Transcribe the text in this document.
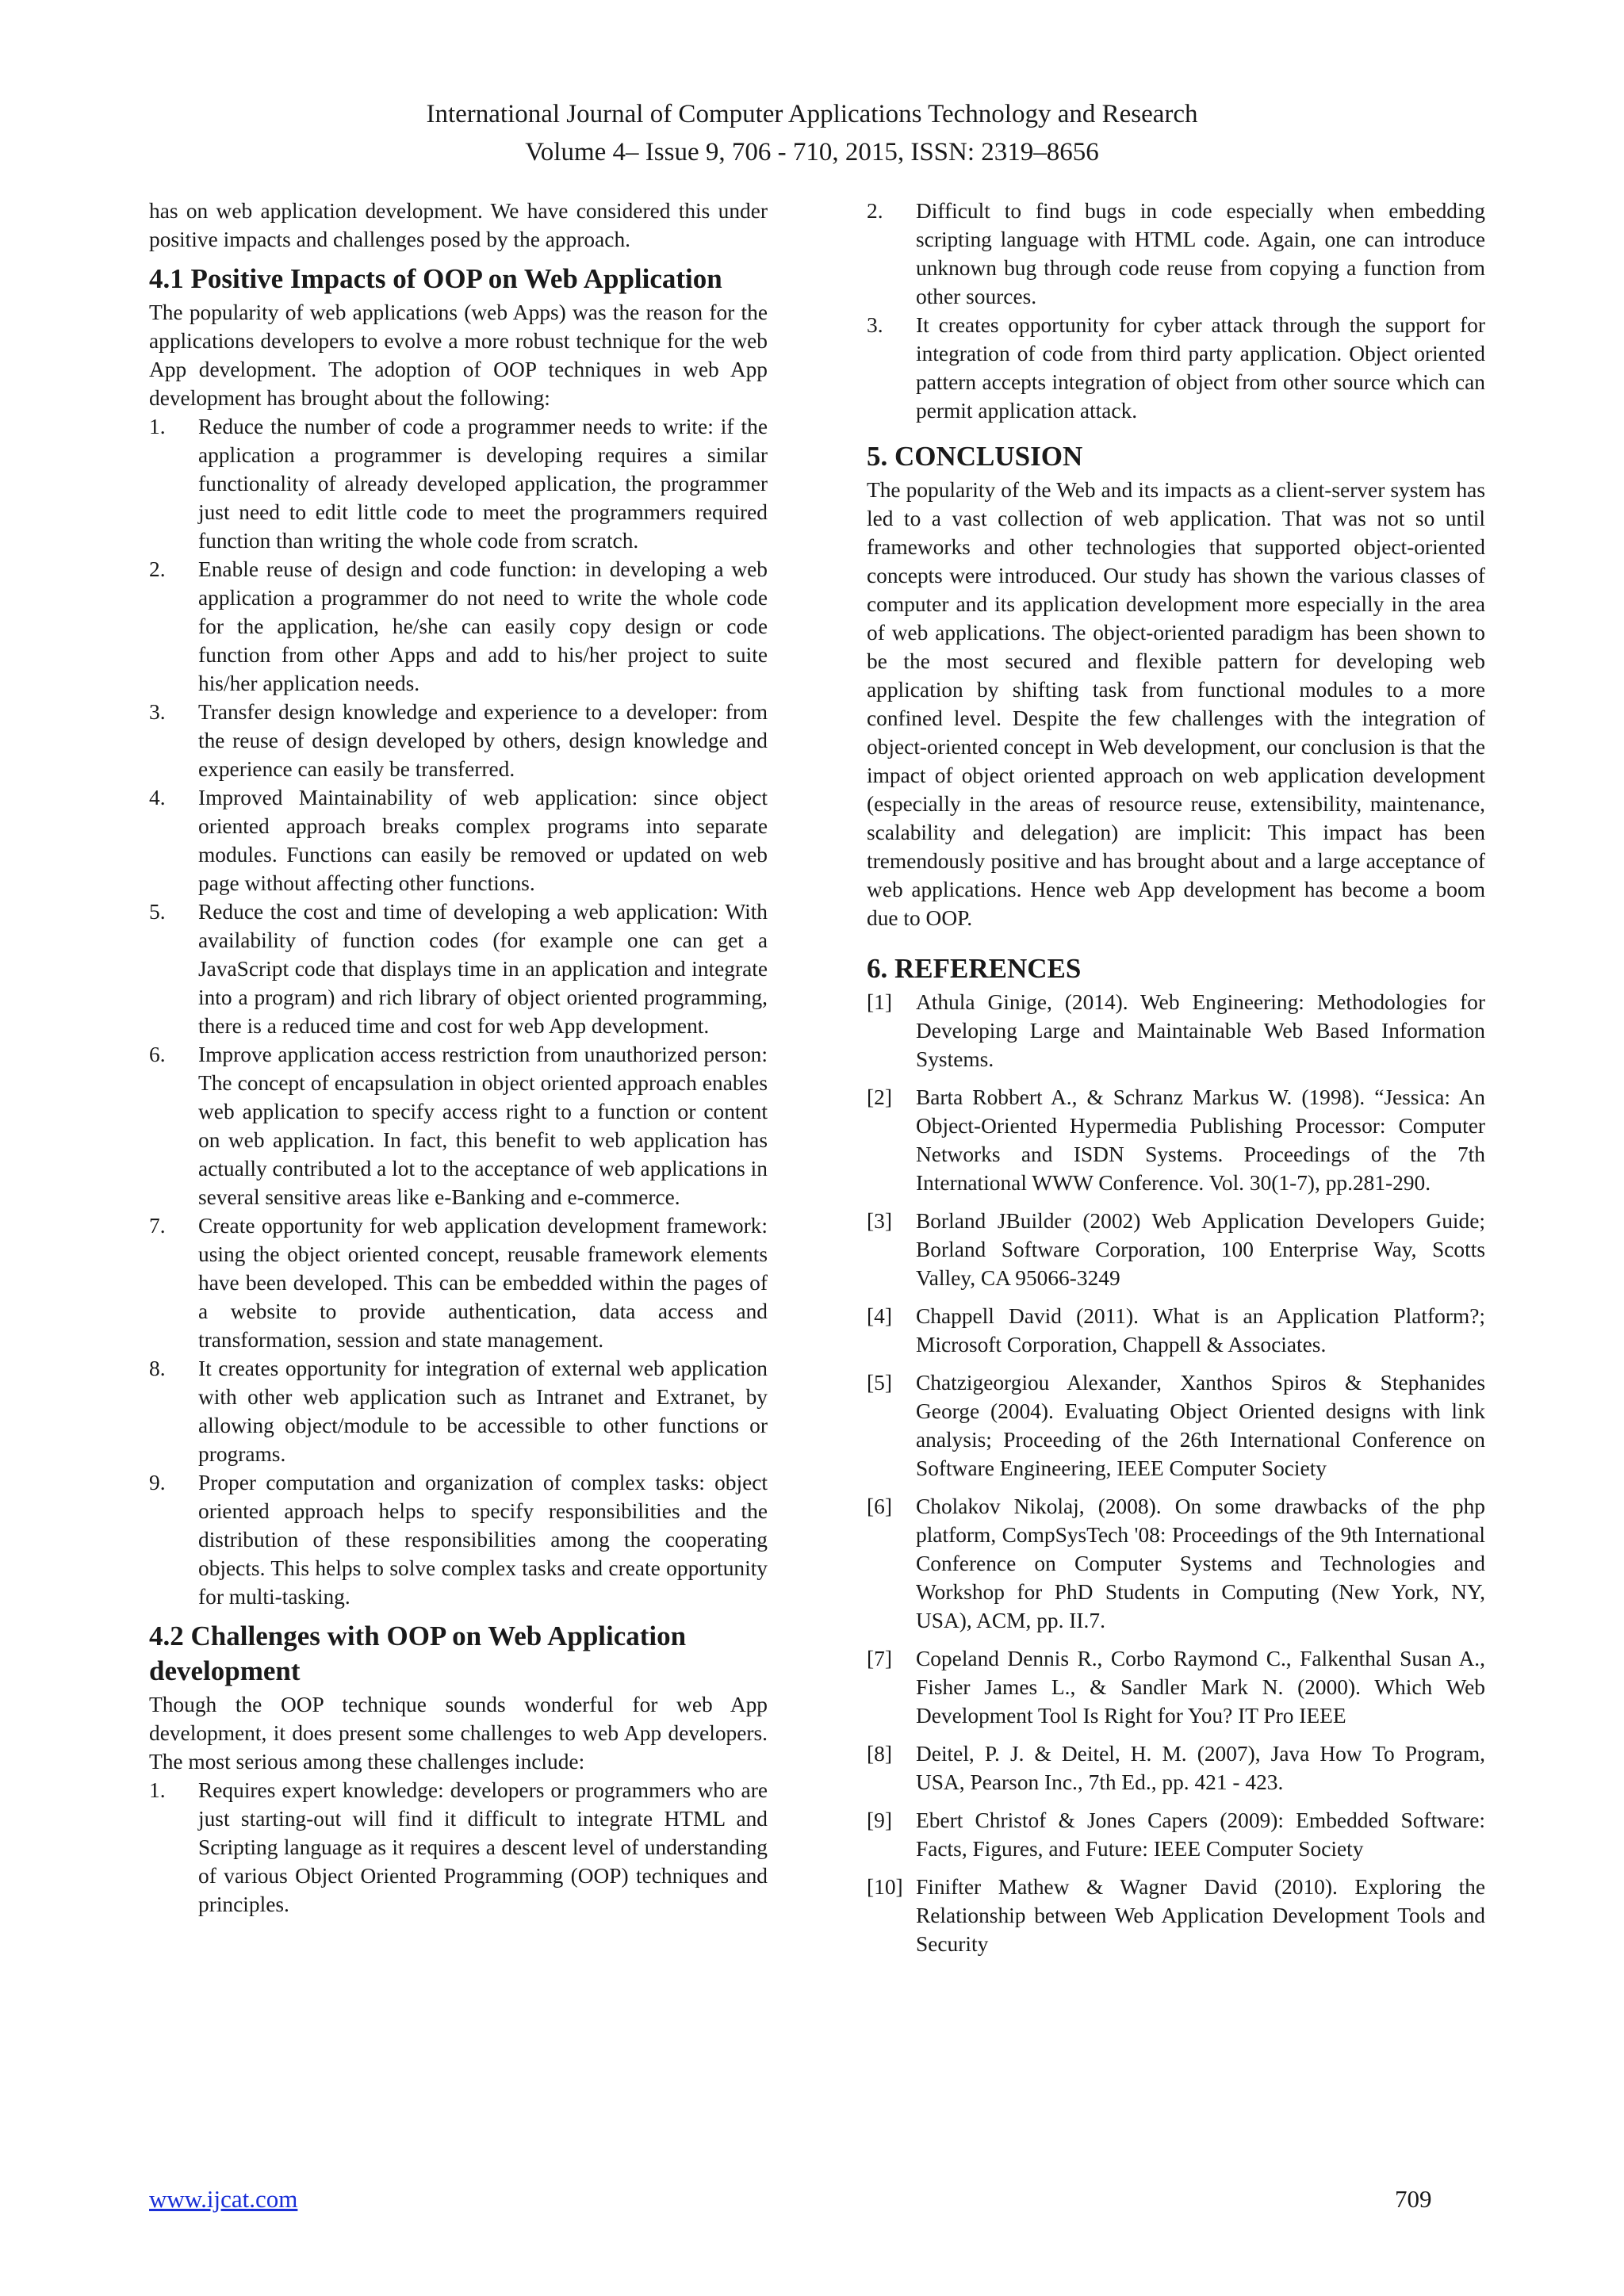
International Journal of Computer Applications Technology and Research
Volume 4– Issue 9, 706 - 710, 2015, ISSN: 2319–8656

has on web application development. We have considered this under positive impacts and challenges posed by the approach.

4.1 Positive Impacts of OOP on Web Application

The popularity of web applications (web Apps) was the reason for the applications developers to evolve a more robust technique for the web App development. The adoption of OOP techniques in web App development has brought about the following:

1.	Reduce the number of code a programmer needs to write: if the application a programmer is developing requires a similar functionality of already developed application, the programmer just need to edit little code to meet the programmers required function than writing the whole code from scratch.
2.	Enable reuse of design and code function: in developing a web application a programmer do not need to write the whole code for the application, he/she can easily copy design or code function from other Apps and add to his/her project to suite his/her application needs.
3.	Transfer design knowledge and experience to a developer: from the reuse of design developed by others, design knowledge and experience can easily be transferred.
4.	Improved Maintainability of web application: since object oriented approach breaks complex programs into separate modules. Functions can easily be removed or updated on web page without affecting other functions.
5.	Reduce the cost and time of developing a web application: With availability of function codes (for example one can get a JavaScript code that displays time in an application and integrate into a program) and rich library of object oriented programming, there is a reduced time and cost for web App development.
6.	Improve application access restriction from unauthorized person: The concept of encapsulation in object oriented approach enables web application to specify access right to a function or content on web application. In fact, this benefit to web application has actually contributed a lot to the acceptance of web applications in several sensitive areas like e-Banking and e-commerce.
7.	Create opportunity for web application development framework: using the object oriented concept, reusable framework elements have been developed. This can be embedded within the pages of a website to provide authentication, data access and transformation, session and state management.
8.	It creates opportunity for integration of external web application with other web application such as Intranet and Extranet, by allowing object/module to be accessible to other functions or programs.
9.	Proper computation and organization of complex tasks: object oriented approach helps to specify responsibilities and the distribution of these responsibilities among the cooperating objects. This helps to solve complex tasks and create opportunity for multi-tasking.
4.2 Challenges with OOP on Web Application development

Though the OOP technique sounds wonderful for web App development, it does present some challenges to web App developers. The most serious among these challenges include:

1.	Requires expert knowledge: developers or programmers who are just starting-out will find it difficult to integrate HTML and Scripting language as it requires a descent level of understanding of various Object Oriented Programming (OOP) techniques and principles.
2.	Difficult to find bugs in code especially when embedding scripting language with HTML code. Again, one can introduce unknown bug through code reuse from copying a function from other sources.
3.	It creates opportunity for cyber attack through the support for integration of code from third party application. Object oriented pattern accepts integration of object from other source which can permit application attack.
5. CONCLUSION

The popularity of the Web and its impacts as a client-server system has led to a vast collection of web application. That was not so until frameworks and other technologies that supported object-oriented concepts were introduced. Our study has shown the various classes of computer and its application development more especially in the area of web applications. The object-oriented paradigm has been shown to be the most secured and flexible pattern for developing web application by shifting task from functional modules to a more confined level. Despite the few challenges with the integration of object-oriented concept in Web development, our conclusion is that the impact of object oriented approach on web application development (especially in the areas of resource reuse, extensibility, maintenance, scalability and delegation) are implicit: This impact has been tremendously positive and has brought about and a large acceptance of web applications. Hence web App development has become a boom due to OOP.

6. REFERENCES
[1]	Athula Ginige, (2014). Web Engineering: Methodologies for Developing Large and Maintainable Web Based Information Systems.
[2]	Barta Robbert A., & Schranz Markus W. (1998). “Jessica: An Object-Oriented Hypermedia Publishing Processor: Computer Networks and ISDN Systems. Proceedings of the 7th International WWW Conference. Vol. 30(1-7), pp.281-290.
[3]	Borland JBuilder (2002) Web Application Developers Guide; Borland Software Corporation, 100 Enterprise Way, Scotts Valley, CA 95066-3249
[4]	Chappell David (2011). What is an Application Platform?; Microsoft Corporation, Chappell & Associates.
[5]	Chatzigeorgiou Alexander, Xanthos Spiros & Stephanides George (2004). Evaluating Object Oriented designs with link analysis; Proceeding of the 26th International Conference on Software Engineering, IEEE Computer Society
[6]	Cholakov Nikolaj, (2008). On some drawbacks of the php platform, CompSysTech '08: Proceedings of the 9th International Conference on Computer Systems and Technologies and Workshop for PhD Students in Computing (New York, NY, USA), ACM, pp. II.7.
[7]	Copeland Dennis R., Corbo Raymond C., Falkenthal Susan A., Fisher James L., & Sandler Mark N. (2000). Which Web Development Tool Is Right for You? IT Pro IEEE
[8]	Deitel, P. J. & Deitel, H. M. (2007), Java How To Program, USA, Pearson Inc., 7th Ed., pp. 421 - 423.
[9]	Ebert Christof & Jones Capers (2009): Embedded Software: Facts, Figures, and Future: IEEE Computer Society
[10] Finifter Mathew & Wagner David (2010). Exploring the Relationship between Web Application Development Tools and Security
www.ijcat.com	709
